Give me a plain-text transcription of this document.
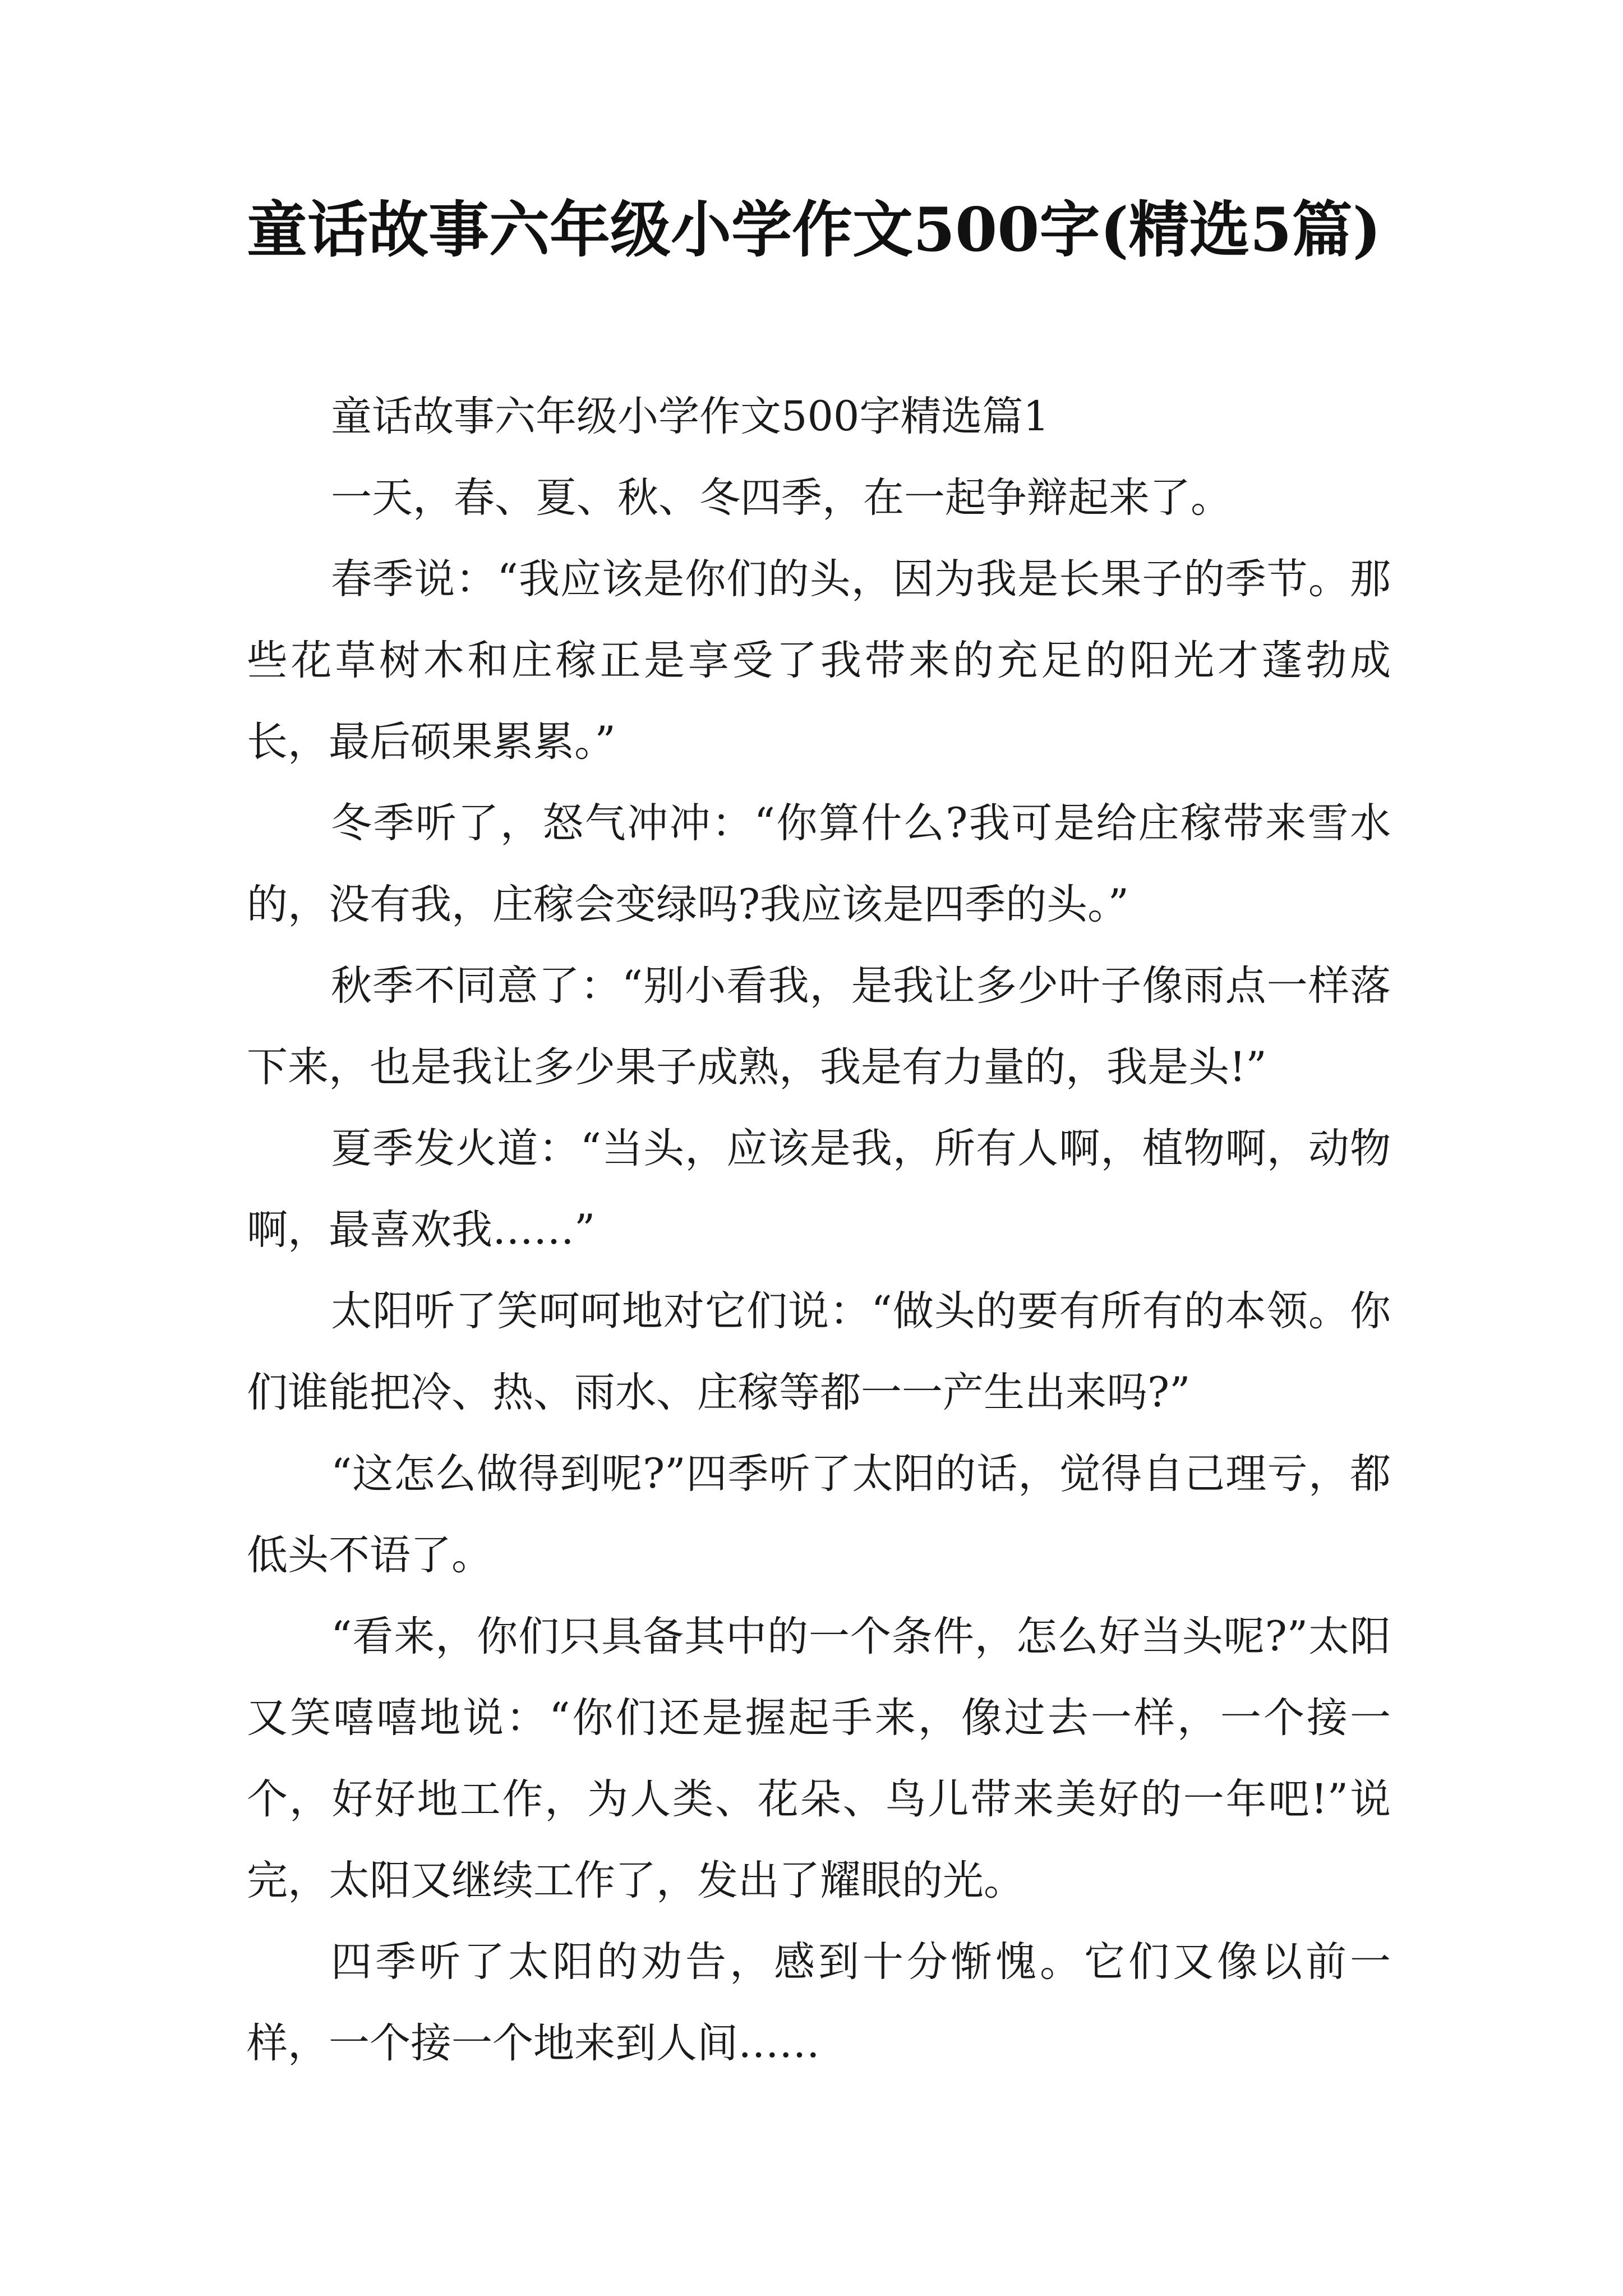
童话故事六年级小学作文500字(精选5篇)

童话故事六年级小学作文500字精选篇1

一天，春、夏、秋、冬四季，在一起争辩起来了。

春季说：“我应该是你们的头，因为我是长果子的季节。那些花草树木和庄稼正是享受了我带来的充足的阳光才蓬勃成长，最后硕果累累。”

冬季听了，怒气冲冲：“你算什么?我可是给庄稼带来雪水的，没有我，庄稼会变绿吗?我应该是四季的头。”

秋季不同意了：“别小看我，是我让多少叶子像雨点一样落下来，也是我让多少果子成熟，我是有力量的，我是头!”

夏季发火道：“当头，应该是我，所有人啊，植物啊，动物啊，最喜欢我……”

太阳听了笑呵呵地对它们说：“做头的要有所有的本领。你们谁能把冷、热、雨水、庄稼等都一一产生出来吗?”

“这怎么做得到呢?”四季听了太阳的话，觉得自己理亏，都低头不语了。

“看来，你们只具备其中的一个条件，怎么好当头呢?”太阳又笑嘻嘻地说：“你们还是握起手来，像过去一样，一个接一个，好好地工作，为人类、花朵、鸟儿带来美好的一年吧!”说完，太阳又继续工作了，发出了耀眼的光。

四季听了太阳的劝告，感到十分惭愧。它们又像以前一样，一个接一个地来到人间……
